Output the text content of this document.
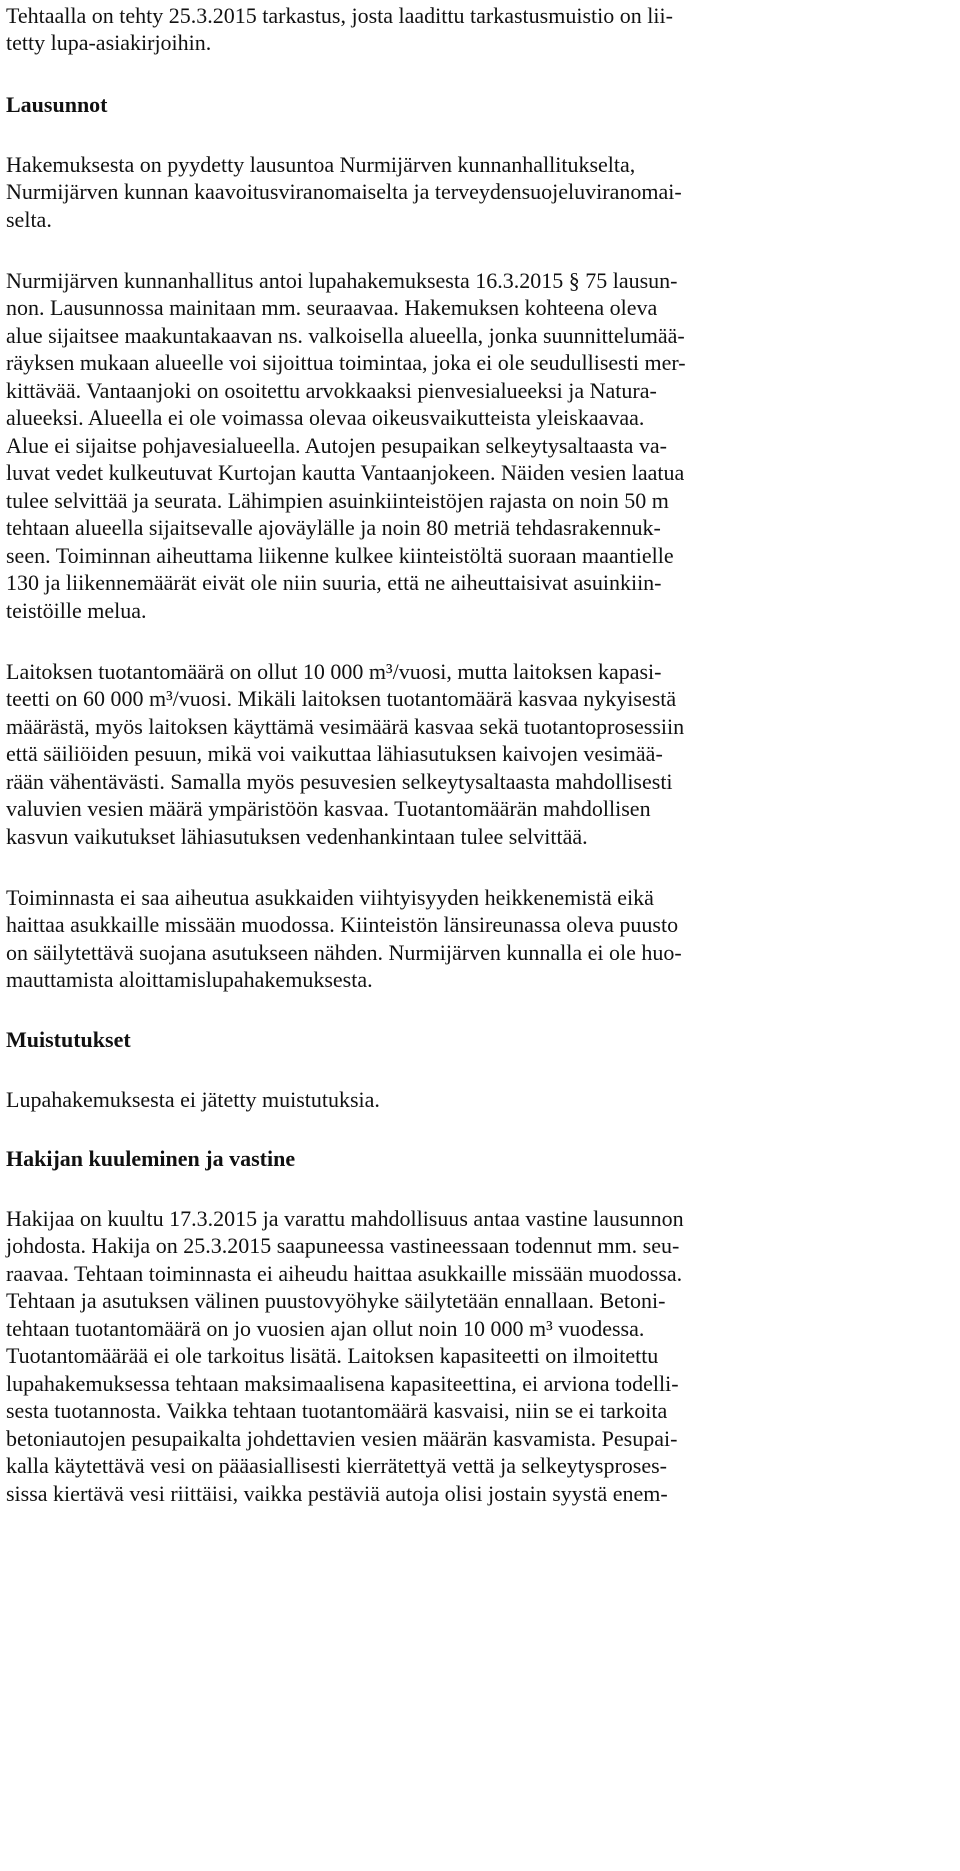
Tehtaalla on tehty 25.3.2015 tarkastus, josta laadittu tarkastusmuistio on lii-
tetty lupa-asiakirjoihin.
Lausunnot
Hakemuksesta on pyydetty lausuntoa Nurmijärven kunnanhallitukselta,
Nurmijärven kunnan kaavoitusviranomaiselta ja terveydensuojeluviranomai-
selta.
Nurmijärven kunnanhallitus antoi lupahakemuksesta 16.3.2015 § 75 lausun-
non. Lausunnossa mainitaan mm. seuraavaa. Hakemuksen kohteena oleva
alue sijaitsee maakuntakaavan ns. valkoisella alueella, jonka suunnittelumää-
räyksen mukaan alueelle voi sijoittua toimintaa, joka ei ole seudullisesti mer-
kittävää. Vantaanjoki on osoitettu arvokkaaksi pienvesialueeksi ja Natura-
alueeksi. Alueella ei ole voimassa olevaa oikeusvaikutteista yleiskaavaa.
Alue ei sijaitse pohjavesialueella. Autojen pesupaikan selkeytysaltaasta va-
luvat vedet kulkeutuvat Kurtojan kautta Vantaanjokeen. Näiden vesien laatua
tulee selvittää ja seurata. Lähimpien asuinkiinteistöjen rajasta on noin 50 m
tehtaan alueella sijaitsevalle ajoväylälle ja noin 80 metriä tehdasrakennuk-
seen. Toiminnan aiheuttama liikenne kulkee kiinteistöltä suoraan maantielle
130 ja liikennemäärät eivät ole niin suuria, että ne aiheuttaisivat asuinkiin-
teistöille melua.
Laitoksen tuotantomäärä on ollut 10 000 m³/vuosi, mutta laitoksen kapasi-
teetti on 60 000 m³/vuosi. Mikäli laitoksen tuotantomäärä kasvaa nykyisestä
määrästä, myös laitoksen käyttämä vesimäärä kasvaa sekä tuotantoprosessiin
että säiliöiden pesuun, mikä voi vaikuttaa lähiasutuksen kaivojen vesimää-
rään vähentävästi. Samalla myös pesuvesien selkeytysaltaasta mahdollisesti
valuvien vesien määrä ympäristöön kasvaa. Tuotantomäärän mahdollisen
kasvun vaikutukset lähiasutuksen vedenhankintaan tulee selvittää.
Toiminnasta ei saa aiheutua asukkaiden viihtyisyyden heikkenemistä eikä
haittaa asukkaille missään muodossa. Kiinteistön länsireunassa oleva puusto
on säilytettävä suojana asutukseen nähden. Nurmijärven kunnalla ei ole huo-
mauttamista aloittamislupahakemuksesta.
Muistutukset
Lupahakemuksesta ei jätetty muistutuksia.
Hakijan kuuleminen ja vastine
Hakijaa on kuultu 17.3.2015 ja varattu mahdollisuus antaa vastine lausunnon
johdosta. Hakija on 25.3.2015 saapuneessa vastineessaan todennut mm. seu-
raavaa. Tehtaan toiminnasta ei aiheudu haittaa asukkaille missään muodossa.
Tehtaan ja asutuksen välinen puustovyöhyke säilytetään ennallaan. Betoni-
tehtaan tuotantomäärä on jo vuosien ajan ollut noin 10 000 m³ vuodessa.
Tuotantomäärää ei ole tarkoitus lisätä. Laitoksen kapasiteetti on ilmoitettu
lupahakemuksessa tehtaan maksimaalisena kapasiteettina, ei arviona todelli-
sesta tuotannosta. Vaikka tehtaan tuotantomäärä kasvaisi, niin se ei tarkoita
betoniautojen pesupaikalta johdettavien vesien määrän kasvamista. Pesupai-
kalla käytettävä vesi on pääasiallisesti kierrätettyä vettä ja selkeytysproses-
sissa kiertävä vesi riittäisi, vaikka pestäviä autoja olisi jostain syystä enem-
